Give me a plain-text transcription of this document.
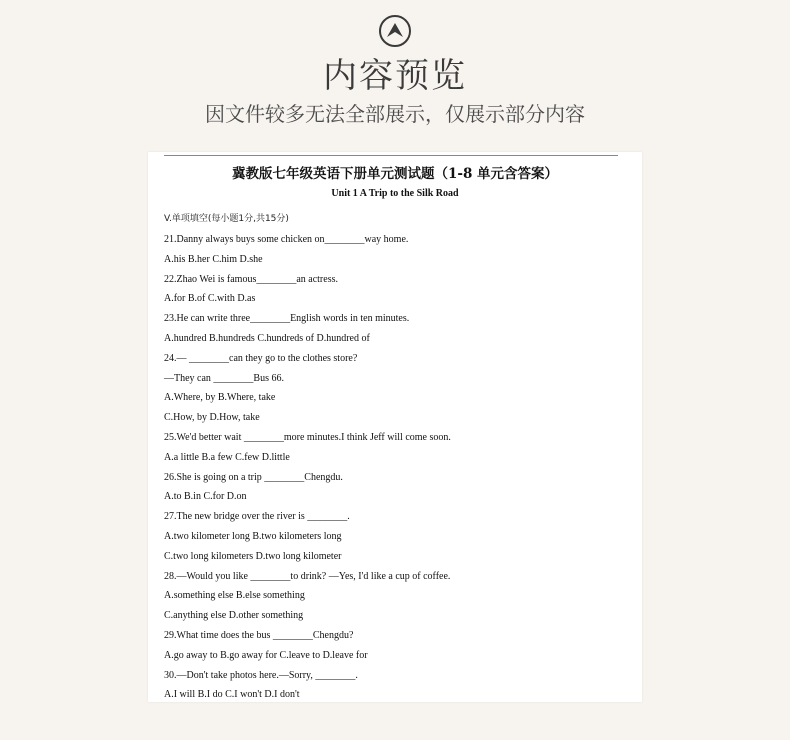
内容预览
因文件较多无法全部展示，仅展示部分内容
冀教版七年级英语下册单元测试题（1-8 单元含答案）
Unit 1 A Trip to the Silk Road
V.单项填空(每小题1分,共15分)
21.Danny always buys some chicken on________way home.
A.his B.her C.him D.she
22.Zhao Wei is famous________an actress.
A.for B.of C.with D.as
23.He can write three________English words in ten minutes.
A.hundred B.hundreds C.hundreds of D.hundred of
24.— ________can they go to the clothes store?
—They can ________Bus 66.
A.Where, by B.Where, take
C.How, by D.How, take
25.We'd better wait ________more minutes.I think Jeff will come soon.
A.a little B.a few C.few D.little
26.She is going on a trip ________Chengdu.
A.to B.in C.for D.on
27.The new bridge over the river is ________.
A.two kilometer long B.two kilometers long
C.two long kilometers D.two long kilometer
28.—Would you like ________to drink? —Yes, I'd like a cup of coffee.
A.something else B.else something
C.anything else D.other something
29.What time does the bus ________Chengdu?
A.go away to B.go away for C.leave to D.leave for
30.—Don't take photos here.—Sorry, ________.
A.I will B.I do C.I won't D.I don't
